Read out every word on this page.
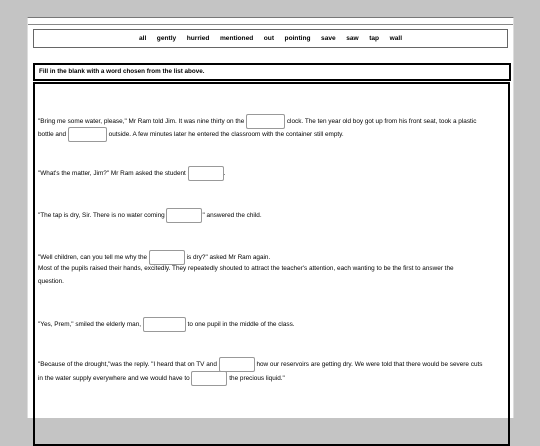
all gently hurried mentioned out pointing save saw tap wall
Fill in the blank with a word chosen from the list above.
"Bring me some water, please," Mr Ram told Jim. It was nine thirty on the	clock. The ten year old boy got up from his front seat, took a plastic
bottle and	outside. A few minutes later he entered the classroom with the container still empty.
"What's the matter, Jim?" Mr Ram asked the student	.
"The tap is dry, Sir. There is no water coming	" answered the child.
"Well children, can you tell me why the	is dry?" asked Mr Ram again.
Most of the pupils raised their hands, excitedly. They repeatedly shouted to attract the teacher's attention, each wanting to be the first to answer the
question.
"Yes, Prem," smiled the elderly man,	to one pupil in the middle of the class.
"Because of the drought,"was the reply. "I heard that on TV and	how our reservoirs are getting dry. We were told that there would be severe cuts
in the water supply everywhere and we would have to	the precious liquid."
